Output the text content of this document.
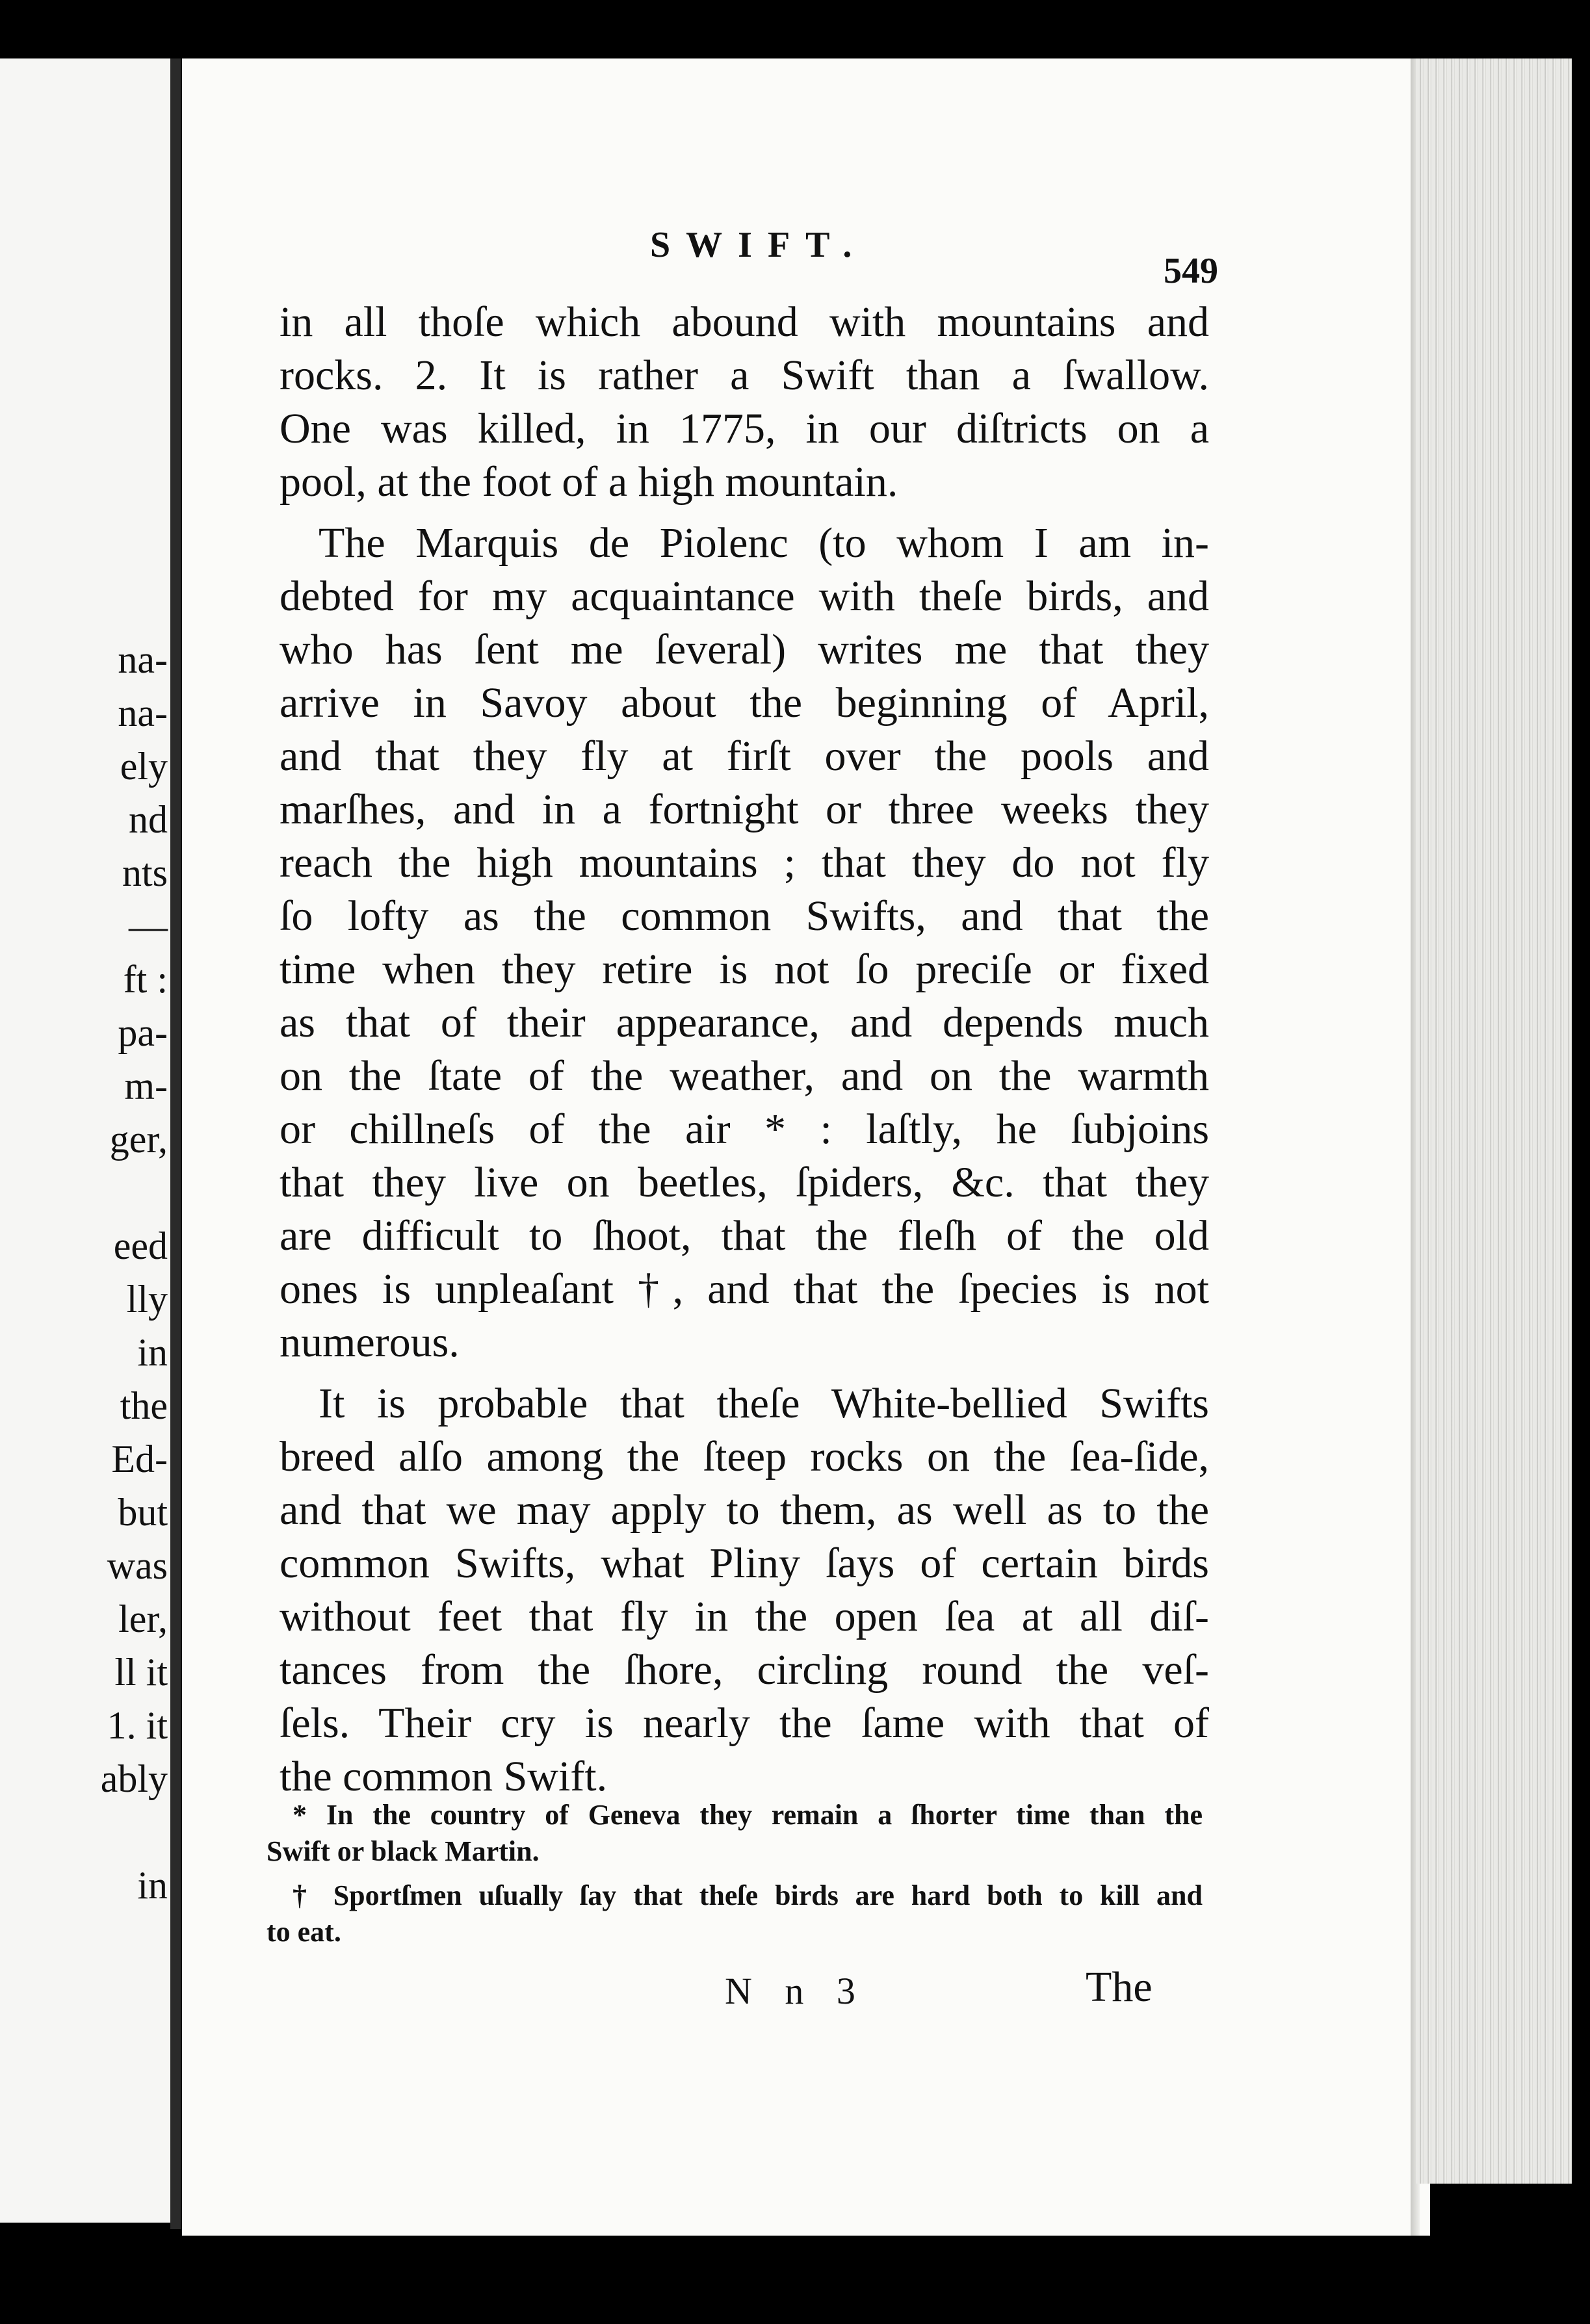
na-
na-
ely
nd
nts
—
ft :
pa-
m-
ger,
eed
lly
in
the
Ed-
but
was
ler,
ll it
1. it
ably
in
SWIFT.
549
in all thoſe which abound with mountains and
rocks. 2. It is rather a Swift than a ſwallow.
One was killed, in 1775, in our diſtricts on a
pool, at the foot of a high mountain.
The Marquis de Piolenc (to whom I am in-
debted for my acquaintance with theſe birds, and
who has ſent me ſeveral) writes me that they
arrive in Savoy about the beginning of April,
and that they fly at firſt over the pools and
marſhes, and in a fortnight or three weeks they
reach the high mountains ; that they do not fly
ſo lofty as the common Swifts, and that the
time when they retire is not ſo preciſe or fixed
as that of their appearance, and depends much
on the ſtate of the weather, and on the warmth
or chillneſs of the air * : laſtly, he ſubjoins
that they live on beetles, ſpiders, &c. that they
are difficult to ſhoot, that the fleſh of the old
ones is unpleaſant †, and that the ſpecies is not
numerous.
It is probable that theſe White-bellied Swifts
breed alſo among the ſteep rocks on the ſea-ſide,
and that we may apply to them, as well as to the
common Swifts, what Pliny ſays of certain birds
without feet that fly in the open ſea at all diſ-
tances from the ſhore, circling round the veſ-
ſels. Their cry is nearly the ſame with that of
the common Swift.
* In the country of Geneva they remain a ſhorter time than the
Swift or black Martin.
† Sportſmen uſually ſay that theſe birds are hard both to kill and
to eat.
N n 3	The
